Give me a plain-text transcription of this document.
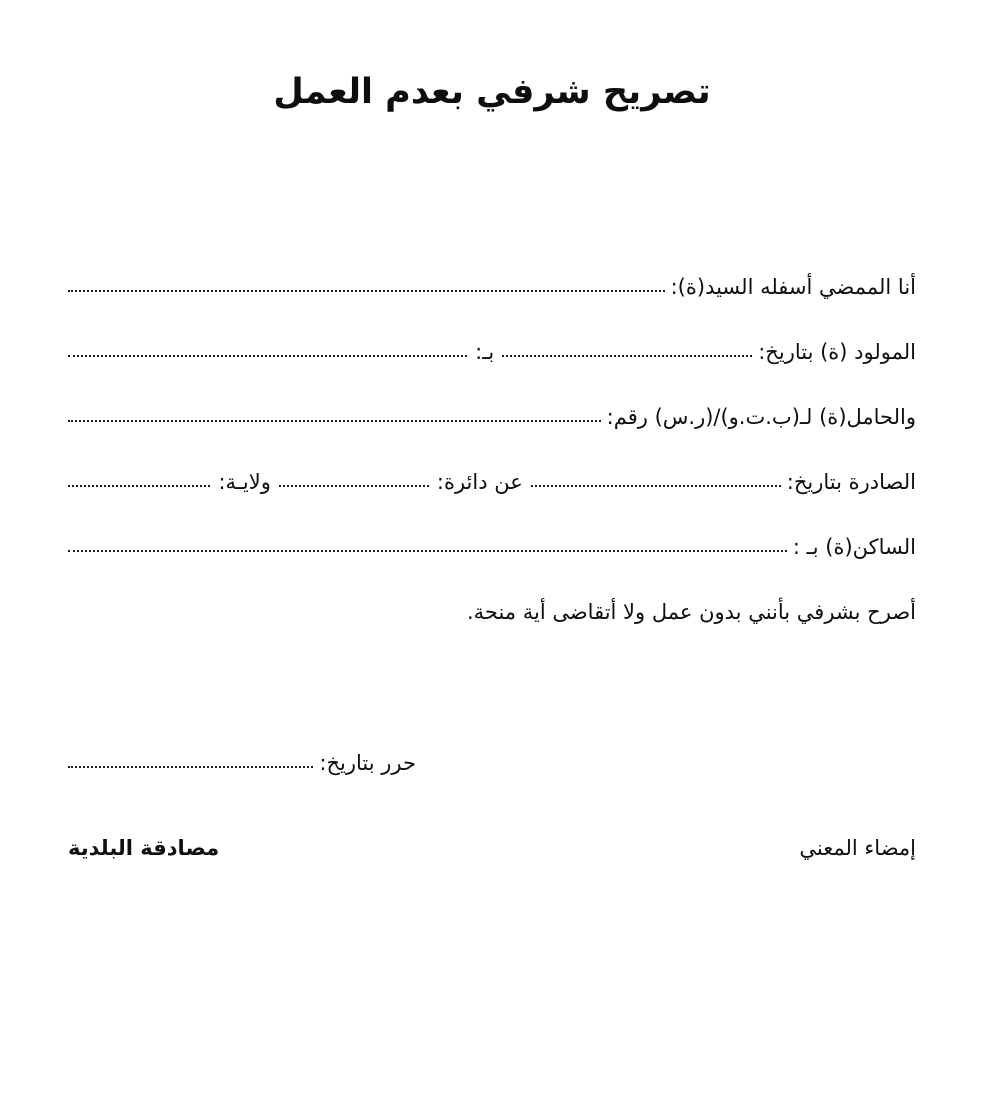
تصريح شرفي بعدم العمل
أنا الممضي أسفله السيد(ة):
المولود (ة) بتاريخ:
بـ:
والحامل(ة) لـ(ب.ت.و)/(ر.س) رقم:
الصادرة بتاريخ:
عن دائرة:
ولايـة:
الساكن(ة) بـ :
أصرح بشرفي بأنني بدون عمل ولا أتقاضى أية منحة.
حرر بتاريخ:
إمضاء المعني
مصادقة البلدية
